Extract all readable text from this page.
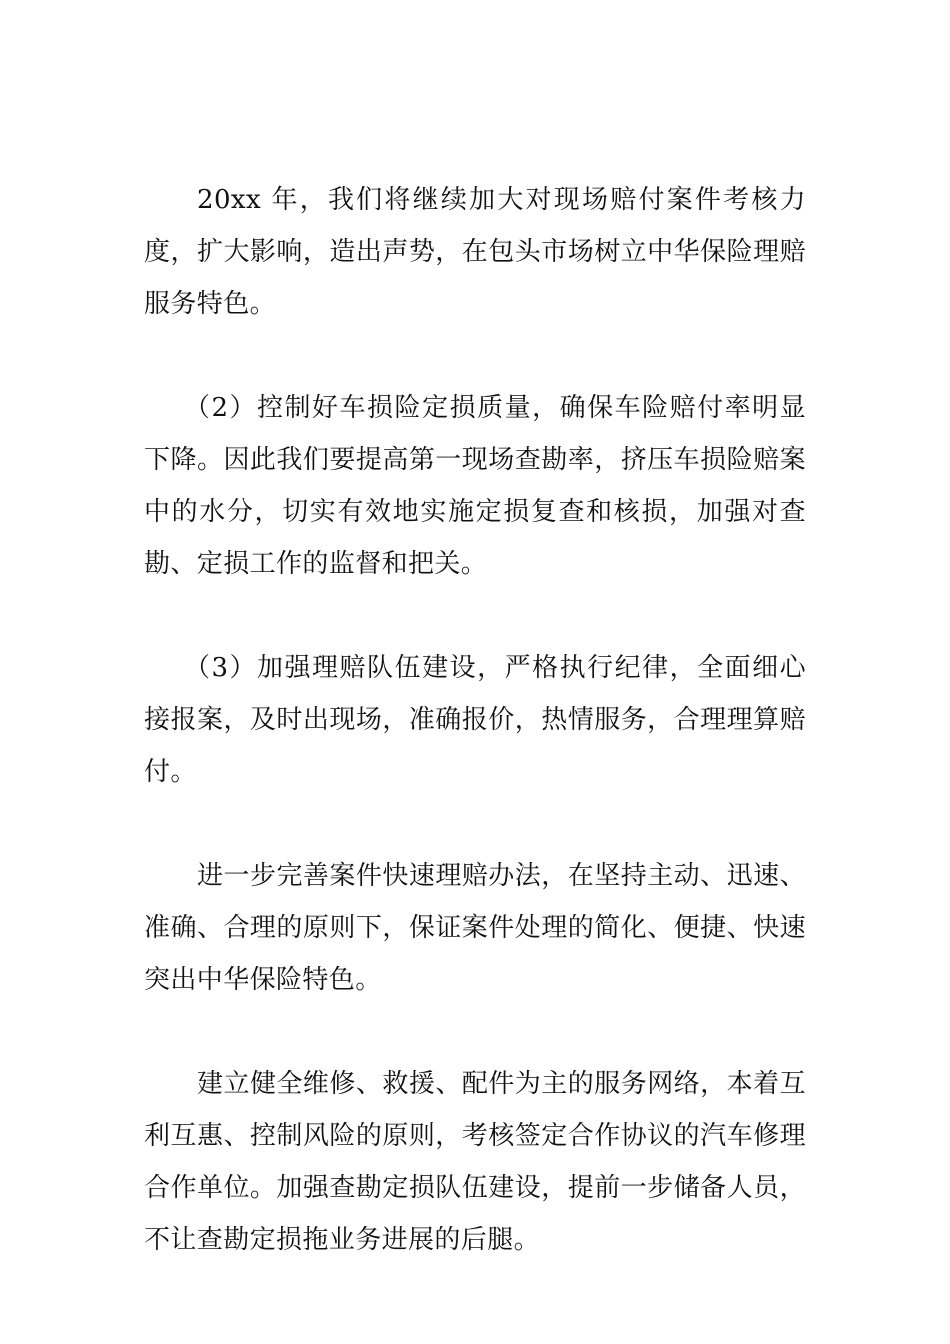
20xx 年，我们将继续加大对现场赔付案件考核力度，扩大影响，造出声势，在包头市场树立中华保险理赔服务特色。

（2）控制好车损险定损质量，确保车险赔付率明显下降。因此我们要提高第一现场查勘率，挤压车损险赔案中的水分，切实有效地实施定损复查和核损，加强对查勘、定损工作的监督和把关。

（3）加强理赔队伍建设，严格执行纪律，全面细心接报案，及时出现场，准确报价，热情服务，合理理算赔付。

进一步完善案件快速理赔办法，在坚持主动、迅速、准确、合理的原则下，保证案件处理的简化、便捷、快速突出中华保险特色。

建立健全维修、救援、配件为主的服务网络，本着互利互惠、控制风险的原则，考核签定合作协议的汽车修理合作单位。加强查勘定损队伍建设，提前一步储备人员，不让查勘定损拖业务进展的后腿。
